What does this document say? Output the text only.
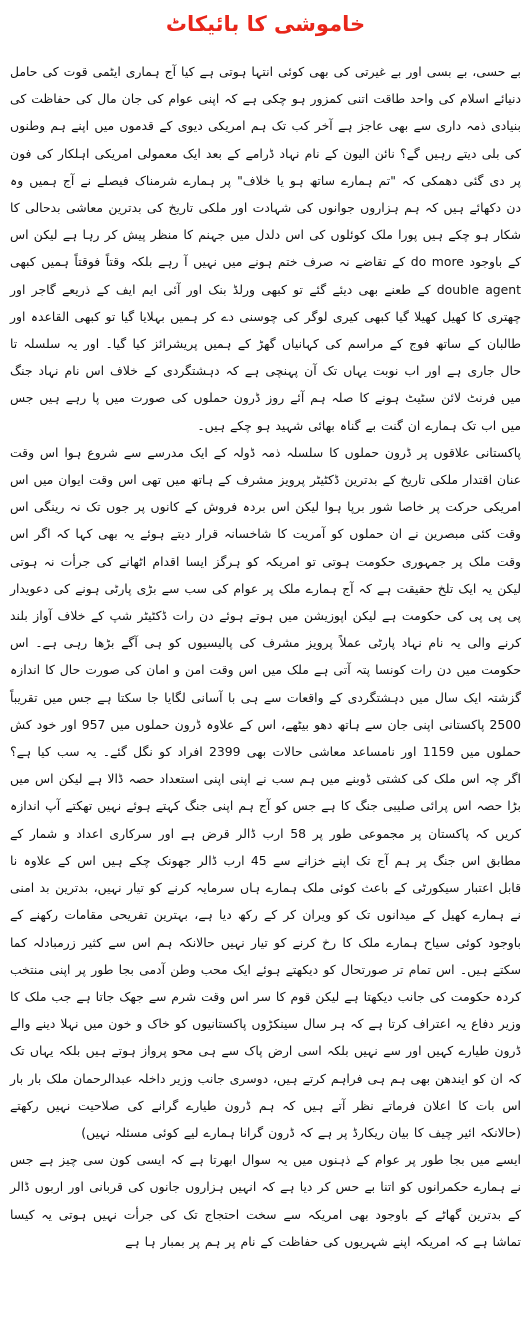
خاموشی کا بائیکاٹ

بے حسی، بے بسی اور بے غیرتی کی بھی کوئی انتہا ہوتی ہے کیا آج ہماری ایٹمی قوت کی حامل دنیائے اسلام کی واحد طاقت اتنی کمزور ہو چکی ہے کہ اپنی عوام کی جان مال کی حفاظت کی بنیادی ذمہ داری سے بھی عاجز ہے آخر کب تک ہم امریکی دیوی کے قدموں میں اپنے ہم وطنوں کی بلی دیتے رہیں گے؟ نائن الیون کے نام نہاد ڈرامے کے بعد ایک معمولی امریکی اہلکار کی فون پر دی گئی دھمکی کہ "تم ہمارے ساتھ ہو یا خلاف" پر ہمارے شرمناک فیصلے نے آج ہمیں وہ دن دکھائے ہیں کہ ہم ہزاروں جوانوں کی شہادت اور ملکی تاریخ کی بدترین معاشی بدحالی کا شکار ہو چکے ہیں پورا ملک کوئلوں کی اس دلدل میں جہنم کا منظر پیش کر رہا ہے لیکن اس کے باوجود do more کے تقاضے نہ صرف ختم ہونے میں نہیں آ رہے بلکہ وقتاً فوقتاً ہمیں کبھی double agent کے طعنے بھی دیئے گئے تو کبھی ورلڈ بنک اور آئی ایم ایف کے ذریعے گاجر اور چھتری کا کھیل کھیلا گیا کبھی کیری لوگر کی چوسنی دے کر ہمیں بہلایا گیا تو کبھی القاعدہ اور طالبان کے ساتھ فوج کے مراسم کی کہانیاں گھڑ کے ہمیں پریشرائز کیا گیا۔ اور یہ سلسلہ تا حال جاری ہے اور اب نوبت یہاں تک آن پہنچی ہے کہ دہشتگردی کے خلاف اس نام نہاد جنگ میں فرنٹ لائن سٹیٹ ہونے کا صلہ ہم آئے روز ڈرون حملوں کی صورت میں پا رہے ہیں جس میں اب تک ہمارے ان گنت بے گناہ بھائی شہید ہو چکے ہیں۔

پاکستانی علاقوں پر ڈرون حملوں کا سلسلہ ذمہ ڈولہ کے ایک مدرسے سے شروع ہوا اس وقت عنان اقتدار ملکی تاریخ کے بدترین ڈکٹیٹر پرویز مشرف کے ہاتھ میں تھی اس وقت ایوان میں اس امریکی حرکت پر خاصا شور برپا ہوا لیکن اس بردہ فروش کے کانوں پر جوں تک نہ رینگی اس وقت کئی مبصرین نے ان حملوں کو آمریت کا شاخسانہ قرار دیتے ہوئے یہ بھی کہا کہ اگر اس وقت ملک پر جمہوری حکومت ہوتی تو امریکہ کو ہرگز ایسا اقدام اٹھانے کی جرأت نہ ہوتی لیکن یہ ایک تلخ حقیقت ہے کہ آج ہمارے ملک پر عوام کی سب سے بڑی پارٹی ہونے کی دعویدار پی پی پی کی حکومت ہے لیکن اپوزیشن میں ہوتے ہوئے دن رات ڈکٹیٹر شپ کے خلاف آواز بلند کرنے والی یہ نام نہاد پارٹی عملاً پرویز مشرف کی پالیسیوں کو ہی آگے بڑھا رہی ہے۔ اس حکومت میں دن رات کونسا پتہ آتی ہے ملک میں اس وقت امن و امان کی صورت حال کا اندازہ گزشتہ ایک سال میں دہشتگردی کے واقعات سے ہی با آسانی لگایا جا سکتا ہے جس میں تقریباً 2500 پاکستانی اپنی جان سے ہاتھ دھو بیٹھے، اس کے علاوہ ڈرون حملوں میں 957 اور خود کش حملوں میں 1159 اور نامساعد معاشی حالات بھی 2399 افراد کو نگل گئے۔ یہ سب کیا ہے؟ اگر چہ اس ملک کی کشتی ڈوبنے میں ہم سب نے اپنی اپنی استعداد حصہ ڈالا ہے لیکن اس میں بڑا حصہ اس پرائی صلیبی جنگ کا ہے جس کو آج ہم اپنی جنگ کہتے ہوئے نہیں تھکتے آپ اندازہ کریں کہ پاکستان پر مجموعی طور پر 58 ارب ڈالر قرض ہے اور سرکاری اعداد و شمار کے مطابق اس جنگ پر ہم آج تک اپنے خزانے سے 45 ارب ڈالر جھونک چکے ہیں اس کے علاوہ نا قابل اعتبار سیکورٹی کے باعث کوئی ملک ہمارے ہاں سرمایہ کرنے کو تیار نہیں، بدترین بد امنی نے ہمارے کھیل کے میدانوں تک کو ویران کر کے رکھ دیا ہے، بہترین تفریحی مقامات رکھنے کے باوجود کوئی سیاح ہمارے ملک کا رخ کرنے کو تیار نہیں حالانکہ ہم اس سے کثیر زرمبادلہ کما سکتے ہیں۔ اس تمام تر صورتحال کو دیکھتے ہوئے ایک محب وطن آدمی بجا طور پر اپنی منتخب کردہ حکومت کی جانب دیکھتا ہے لیکن قوم کا سر اس وقت شرم سے جھک جاتا ہے جب ملک کا وزیر دفاع یہ اعتراف کرتا ہے کہ ہر سال سینکڑوں پاکستانیوں کو خاک و خون میں نہلا دینے والے ڈرون طیارے کہیں اور سے نہیں بلکہ اسی ارض پاک سے ہی محو پرواز ہوتے ہیں بلکہ یہاں تک کہ ان کو ایندھن بھی ہم ہی فراہم کرتے ہیں، دوسری جانب وزیر داخلہ عبدالرحمان ملک بار بار اس بات کا اعلان فرماتے نظر آتے ہیں کہ ہم ڈرون طیارے گرانے کی صلاحیت نہیں رکھتے (حالانکہ ائیر چیف کا بیان ریکارڈ پر ہے کہ ڈرون گرانا ہمارے لیے کوئی مسئلہ نہیں)

ایسے میں بجا طور پر عوام کے ذہنوں میں یہ سوال ابھرتا ہے کہ ایسی کون سی چیز ہے جس نے ہمارے حکمرانوں کو اتنا بے حس کر دیا ہے کہ انہیں ہزاروں جانوں کی قربانی اور اربوں ڈالر کے بدترین گھاٹے کے باوجود بھی امریکہ سے سخت احتجاج تک کی جرأت نہیں ہوتی یہ کیسا تماشا ہے کہ امریکہ اپنے شہریوں کی حفاظت کے نام پر ہم پر بمبار ہا ہے
